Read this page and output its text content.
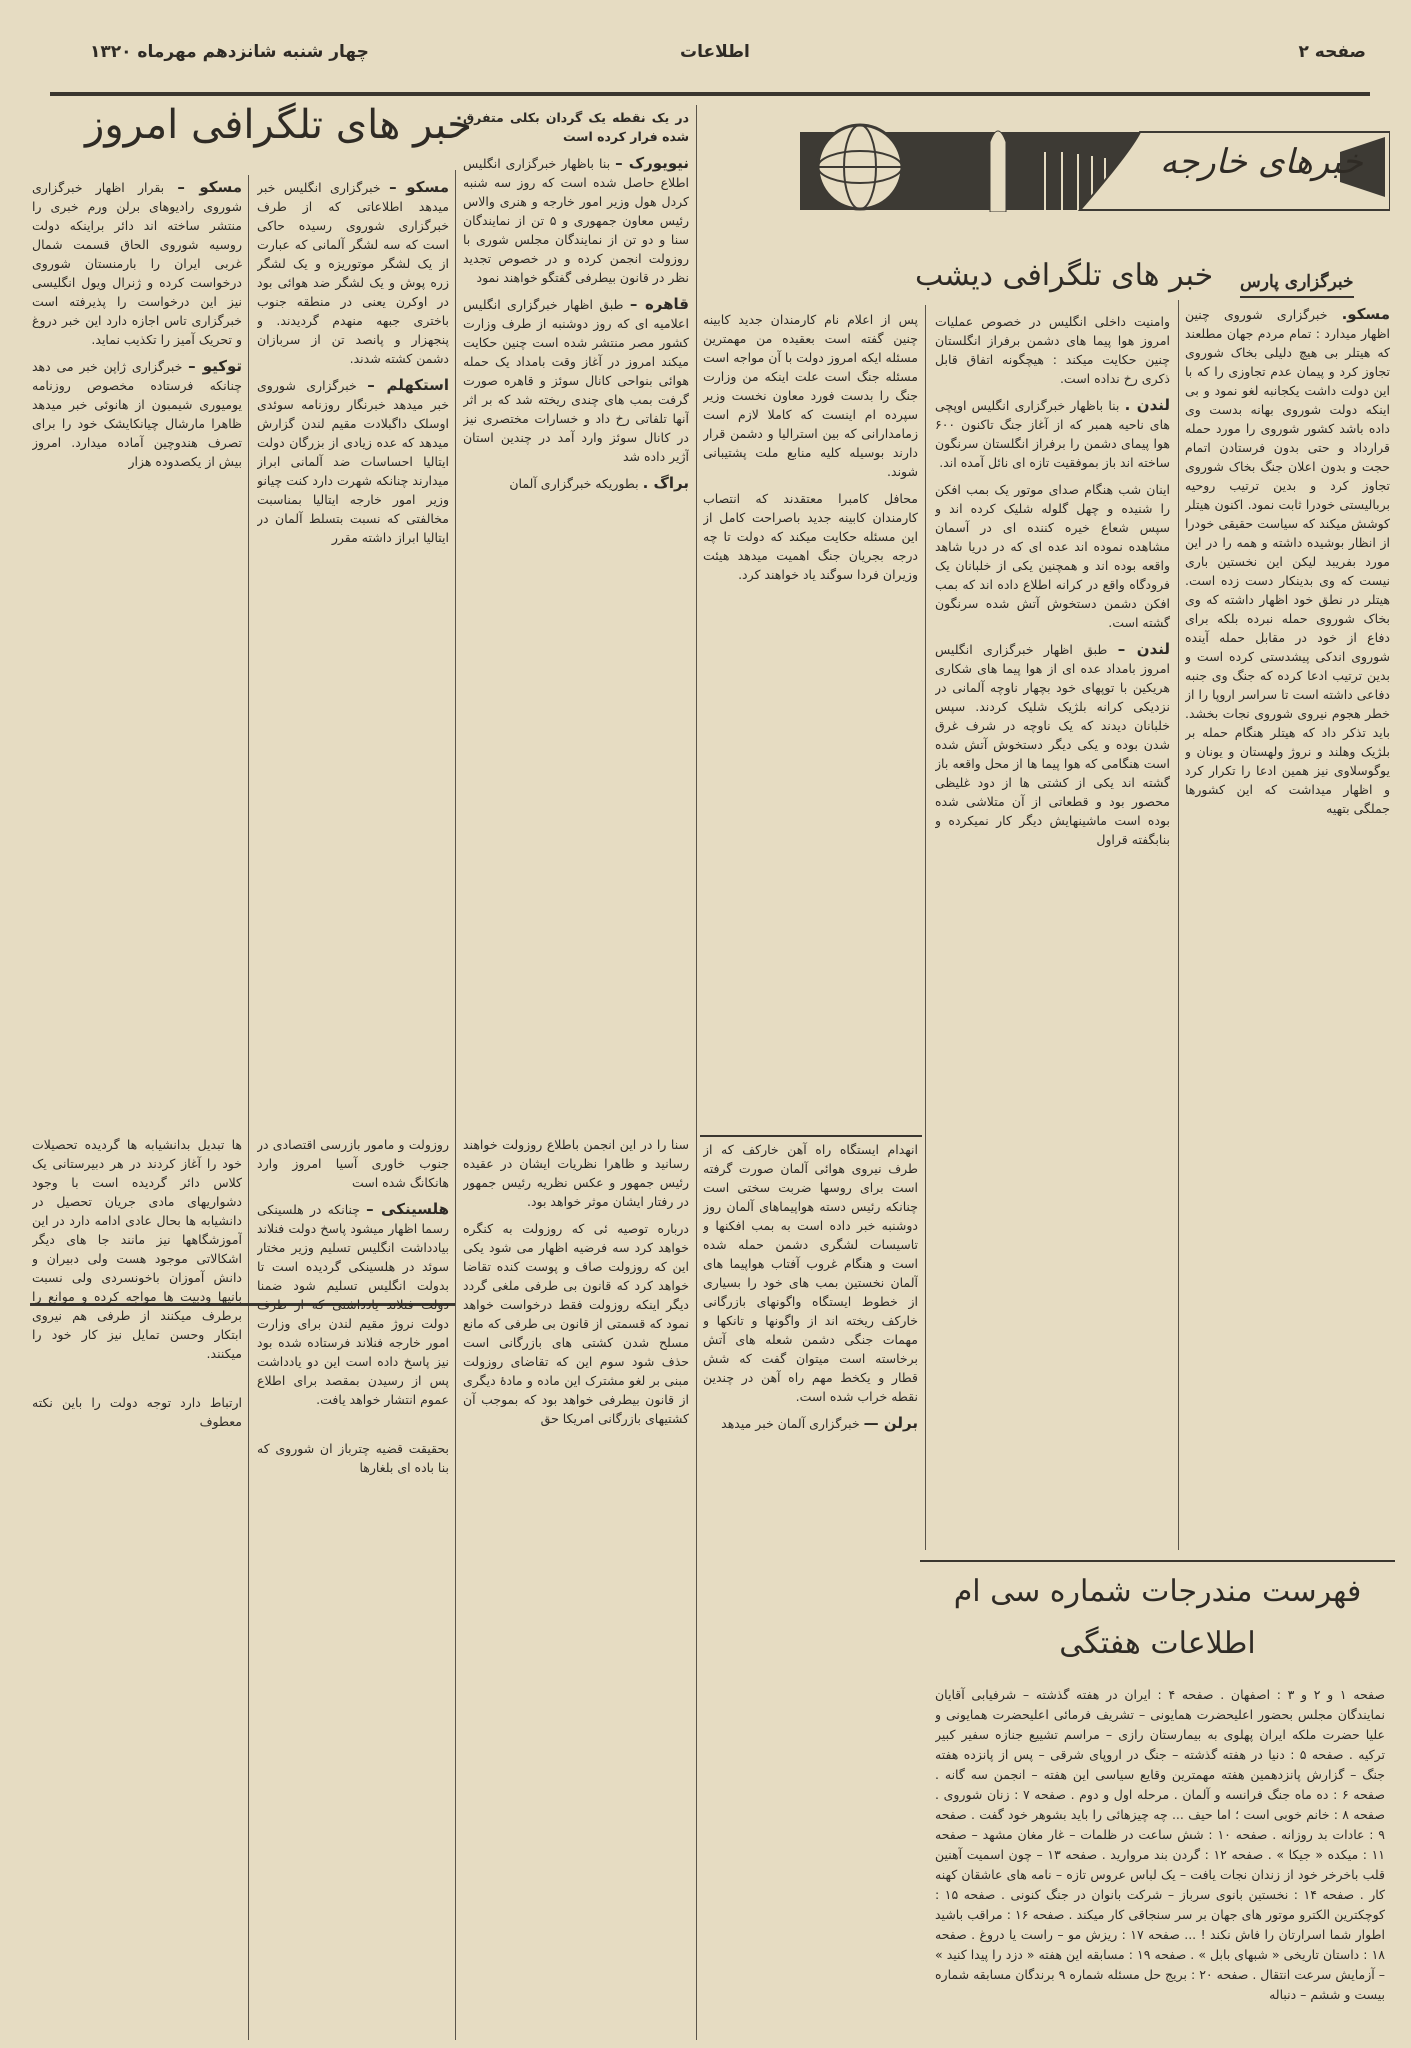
صفحه ۲
اطلاعات
چهار شنبه شانزدهم مهرماه ۱۳۲۰
خبر های تلگرافی امروز
خبرهای خارجه
خبرگزاری پارس
خبر های تلگرافی دیشب

مسکو. خبرگزاری شوروی چنین اظهار میدارد : تمام مردم جهان مطلعند که هیتلر بی هیچ دلیلی بخاک شوروی تجاوز کرد و پیمان عدم تجاوزی را که با این دولت داشت یکجانبه لغو نمود و بی اینکه دولت شوروی بهانه بدست وی داده باشد کشور شوروی را مورد حمله قرارداد و حتی بدون فرستادن اتمام حجت و بدون اعلان جنگ بخاک شوروی تجاوز کرد و بدین ترتیب روحیه بربالیستی خودرا ثابت نمود. اکنون هیتلر کوشش میکند که سیاست حقیقی خودرا از انظار بوشیده داشته و همه را در این مورد بفریبد لیکن این نخستین باری نیست که وی بدینکار دست زده است. هیتلر در نطق خود اظهار داشته که وی بخاک شوروی حمله نبرده بلکه برای دفاع از خود در مقابل حمله آینده شوروی اندکی پیشدستی کرده است و بدین ترتیب ادعا کرده که جنگ وی جنبه دفاعی داشته است تا سراسر اروپا را از خطر هجوم نیروی شوروی نجات بخشد. باید تذکر داد که هیتلر هنگام حمله بر بلژیک وهلند و نروژ ولهستان و یونان و یوگوسلاوی نیز همین ادعا را تکرار کرد و اظهار میداشت که این کشورها جملگی بتهیه

وامنیت داخلی انگلیس در خصوص عملیات امروز هوا پیما های دشمن برفراز انگلستان چنین حکایت میکند : هیچگونه اتفاق قابل ذکری رخ نداده است.

لندن . بنا باظهار خبرگزاری انگلیس اوپچی های ناحیه همبر که از آغاز جنگ تاکنون ۶۰۰ هوا پیمای دشمن را برفراز انگلستان سرنگون ساخته اند باز بموفقیت تازه ای نائل آمده اند.

اینان شب هنگام صدای موتور یک بمب افکن را شنیده و چهل گلوله شلیک کرده اند و سپس شعاع خیره کننده ای در آسمان مشاهده نموده اند عده ای که در دریا شاهد واقعه بوده اند و همچنین یکی از خلبانان یک فرودگاه واقع در کرانه اطلاع داده اند که بمب افکن دشمن دستخوش آتش شده سرنگون گشته است.

لندن – طبق اظهار خبرگزاری انگلیس امروز بامداد عده ای از هوا پیما های شکاری هریکین با توپهای خود بچهار ناوچه آلمانی در نزدیکی کرانه بلژیک شلیک کردند. سپس خلبانان دیدند که یک ناوچه در شرف غرق شدن بوده و یکی دیگر دستخوش آتش شده است هنگامی که هوا پیما ها از محل واقعه باز گشته اند یکی از کشتی ها از دود غلیظی محصور بود و قطعاتی از آن متلاشی شده بوده است ماشینهایش دیگر کار نمیکرده و بنابگفته قراول

پس از اعلام نام کارمندان جدید کابینه چنین گفته است بعقیده من مهمترین مسئله ایکه امروز دولت با آن مواجه است مسئله جنگ است علت اینکه من وزارت جنگ را بدست فورد معاون نخست وزیر سپرده ام اینست که کاملا لازم است زمامدارانی که بین استرالیا و دشمن قرار دارند بوسیله کلیه منابع ملت پشتیبانی شوند.

محافل کامبرا معتقدند که انتصاب کارمندان کابینه جدید باصراحت کامل از این مسئله حکایت میکند که دولت تا چه درجه بجریان جنگ اهمیت میدهد هیئت وزیران فردا سوگند یاد خواهند کرد.

انهدام ایستگاه راه آهن خارکف که از طرف نیروی هوائی آلمان صورت گرفته است برای روسها ضربت سختی است چنانکه رئیس دسته هواپیماهای آلمان روز دوشنبه خبر داده است به بمب افکنها و تاسیسات لشگری دشمن حمله شده است و هنگام غروب آفتاب هواپیما های آلمان نخستین بمب های خود را بسیاری از خطوط ایستگاه واگونهای بازرگانی خارکف ریخته اند از واگونها و تانکها و مهمات جنگی دشمن شعله های آتش برخاسته است میتوان گفت که شش قطار و یکخط مهم راه آهن در چندین نقطه خراب شده است.

برلن — خبرگزاری آلمان خبر میدهد

در یک نقطه یک گردان بکلی متفرق شده فرار کرده است

نیویورک – بنا باظهار خبرگزاری انگلیس اطلاع حاصل شده است که روز سه شنبه کردل هول وزیر امور خارجه و هنری والاس رئیس معاون جمهوری و ۵ تن از نمایندگان سنا و دو تن از نمایندگان مجلس شوری با روزولت انجمن کرده و در خصوص تجدید نظر در قانون بیطرفی گفتگو خواهند نمود

قاهره – طبق اظهار خبرگزاری انگلیس اعلامیه ای که روز دوشنبه از طرف وزارت کشور مصر منتشر شده است چنین حکایت میکند امروز در آغاز وقت بامداد یک حمله هوائی بنواحی کانال سوئز و قاهره صورت گرفت بمب های چندی ریخته شد که بر اثر آنها تلفاتی رخ داد و خسارات مختصری نیز در کانال سوئز وارد آمد در چندین استان آژیر داده شد

براگ . بطوریکه خبرگزاری آلمان

سنا را در این انجمن باطلاع روزولت خواهند رسانید و ظاهرا نظریات ایشان در عقیده رئیس جمهور و عکس نظریه رئیس جمهور در رفتار ایشان موثر خواهد بود.

درباره توصیه ئی که روزولت به کنگره خواهد کرد سه فرضیه اظهار می شود یکی این که روزولت صاف و پوست کنده تقاضا خواهد کرد که قانون بی طرفی ملغی گردد دیگر اینکه روزولت فقط درخواست خواهد نمود که قسمتی از قانون بی طرفی که مانع مسلح شدن کشتی های بازرگانی است حذف شود سوم این که تقاضای روزولت مبنی بر لغو مشترک این ماده و مادهٔ دیگری از قانون بیطرفی خواهد بود که بموجب آن کشتیهای بازرگانی امریکا حق

مسکو – خبرگزاری انگلیس خبر میدهد اطلاعاتی که از طرف خبرگزاری شوروی رسیده حاکی است که سه لشگر آلمانی که عبارت از یک لشگر موتوریزه و یک لشگر زره پوش و یک لشگر ضد هوائی بود در اوکرن یعنی در منطقه جنوب باختری جبهه منهدم گردیدند. و پنجهزار و پانصد تن از سربازان دشمن کشته شدند.

استکهلم – خبرگزاری شوروی خبر میدهد خبرنگار روزنامه سوئدی اوسلک داگبلادت مقیم لندن گزارش میدهد که عده زیادی از بزرگان دولت ایتالیا احساسات ضد آلمانی ابراز میدارند چنانکه شهرت دارد کنت چیانو وزیر امور خارجه ایتالیا بمناسبت مخالفتی که نسبت بتسلط آلمان در ایتالیا ابراز داشته مقرر

روزولت و مامور بازرسی اقتصادی در جنوب خاوری آسیا امروز وارد هانکانگ شده است

هلسینکی – چنانکه در هلسینکی رسما اظهار میشود پاسخ دولت فنلاند بیادداشت انگلیس تسلیم وزیر مختار سوئد در هلسینکی گردیده است تا بدولت انگلیس تسلیم شود ضمنا دولت فنلاند یادداشتی که از طرف دولت نروژ مقیم لندن برای وزارت امور خارجه فنلاند فرستاده شده بود نیز پاسخ داده است این دو یادداشت پس از رسیدن بمقصد برای اطلاع عموم انتشار خواهد یافت.

بحقیقت قضیه چترباز ان شوروی که بنا باده ای بلغارها

مسکو – بقرار اظهار خبرگزاری شوروی رادیوهای برلن ورم خبری را منتشر ساخته اند دائر براینکه دولت روسیه شوروی الحاق قسمت شمال غربی ایران را بارمنستان شوروی درخواست کرده و ژنرال ویول انگلیسی نیز این درخواست را پذیرفته است خبرگزاری تاس اجازه دارد این خبر دروغ و تحریک آمیز را تکذیب نماید.

توکیو – خبرگزاری ژاپن خبر می دهد چنانکه فرستاده مخصوص روزنامه یومیوری شیمبون از هانوئی خبر میدهد ظاهرا مارشال چیانکایشک خود را برای تصرف هندوچین آماده میدارد. امروز بیش از یکصدوده هزار

ها تبدیل بدانشیابه ها گردیده تحصیلات خود را آغاز کردند در هر دبیرستانی یک کلاس دائر گردیده است با وجود دشواریهای مادی جریان تحصیل در دانشیابه ها بحال عادی ادامه دارد در این آموزشگاهها نیز مانند جا های دیگر اشکالاتی موجود هست ولی دبیران و دانش آموزان باخونسردی ولی نسبت بانیها ودبیت ها مواجه کرده و موانع را برطرف میکنند از طرفی هم نیروی ابتکار وحسن تمایل نیز کار خود را میکنند.

ارتباط دارد توجه دولت را باین نکته معطوف

فهرست مندرجات شماره سی ام
اطلاعات هفتگی
صفحه ۱ و ۲ و ۳ : اصفهان . صفحه ۴ : ایران در هفته گذشته – شرفیابی آقایان نمایندگان مجلس بحضور اعلیحضرت همایونی – تشریف فرمائی اعلیحضرت همایونی و علیا حضرت ملکه ایران پهلوی به بیمارستان رازی – مراسم تشییع جنازه سفیر کبیر ترکیه . صفحه ۵ : دنیا در هفته گذشته – جنگ در اروپای شرقی – پس از پانزده هفته جنگ – گزارش پانزدهمین هفته مهمترین وقایع سیاسی این هفته – انجمن سه گانه . صفحه ۶ : ده ماه جنگ فرانسه و آلمان . مرحله اول و دوم . صفحه ۷ : زنان شوروی . صفحه ۸ : خانم خوبی است ؛ اما حیف ... چه چیزهائی را باید بشوهر خود گفت . صفحه ۹ : عادات بد روزانه . صفحه ۱۰ : شش ساعت در ظلمات – غار مغان مشهد – صفحه ۱۱ : میکده « جیکا » . صفحه ۱۲ : گردن بند مروارید . صفحه ۱۳ – چون اسمیت آهنین قلب باخرخر خود از زندان نجات یافت – یک لباس عروس تازه – نامه های عاشقان کهنه کار . صفحه ۱۴ : نخستین بانوی سرباز – شرکت بانوان در جنگ کنونی . صفحه ۱۵ : کوچکترین الکترو موتور های جهان بر سر سنجاقی کار میکند . صفحه ۱۶ : مراقب باشید اطوار شما اسرارتان را فاش نکند ! ... صفحه ۱۷ : ریزش مو – راست یا دروغ . صفحه ۱۸ : داستان تاریخی « شبهای بابل » . صفحه ۱۹ : مسابقه این هفته « دزد را پیدا کنید » – آزمایش سرعت انتقال . صفحه ۲۰ : بریج حل مسئله شماره ۹ برندگان مسابقه شماره بیست و ششم – دنباله
